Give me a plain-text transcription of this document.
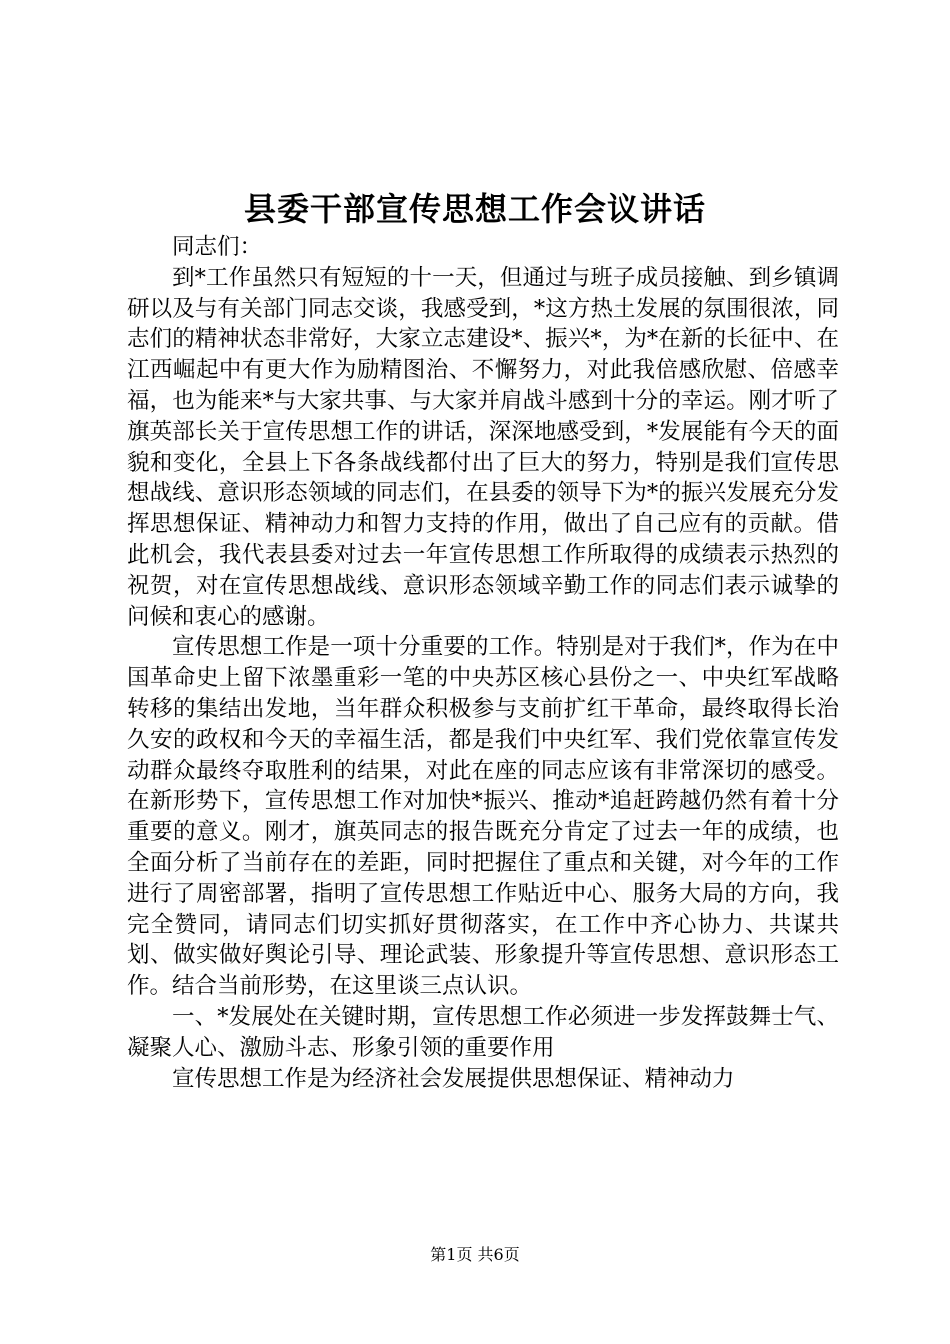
县委干部宣传思想工作会议讲话

同志们：

到*工作虽然只有短短的十一天，但通过与班子成员接触、到乡镇调研以及与有关部门同志交谈，我感受到，*这方热土发展的氛围很浓，同志们的精神状态非常好，大家立志建设*、振兴*，为*在新的长征中、在江西崛起中有更大作为励精图治、不懈努力，对此我倍感欣慰、倍感幸福，也为能来*与大家共事、与大家并肩战斗感到十分的幸运。刚才听了旗英部长关于宣传思想工作的讲话，深深地感受到，*发展能有今天的面貌和变化，全县上下各条战线都付出了巨大的努力，特别是我们宣传思想战线、意识形态领域的同志们，在县委的领导下为*的振兴发展充分发挥思想保证、精神动力和智力支持的作用，做出了自己应有的贡献。借此机会，我代表县委对过去一年宣传思想工作所取得的成绩表示热烈的祝贺，对在宣传思想战线、意识形态领域辛勤工作的同志们表示诚挚的问候和衷心的感谢。

宣传思想工作是一项十分重要的工作。特别是对于我们*，作为在中国革命史上留下浓墨重彩一笔的中央苏区核心县份之一、中央红军战略转移的集结出发地，当年群众积极参与支前扩红干革命，最终取得长治久安的政权和今天的幸福生活，都是我们中央红军、我们党依靠宣传发动群众最终夺取胜利的结果，对此在座的同志应该有非常深切的感受。在新形势下，宣传思想工作对加快*振兴、推动*追赶跨越仍然有着十分重要的意义。刚才，旗英同志的报告既充分肯定了过去一年的成绩，也全面分析了当前存在的差距，同时把握住了重点和关键，对今年的工作进行了周密部署，指明了宣传思想工作贴近中心、服务大局的方向，我完全赞同，请同志们切实抓好贯彻落实，在工作中齐心协力、共谋共划、做实做好舆论引导、理论武装、形象提升等宣传思想、意识形态工作。结合当前形势，在这里谈三点认识。

一、*发展处在关键时期，宣传思想工作必须进一步发挥鼓舞士气、凝聚人心、激励斗志、形象引领的重要作用

宣传思想工作是为经济社会发展提供思想保证、精神动力

第1页 共6页
